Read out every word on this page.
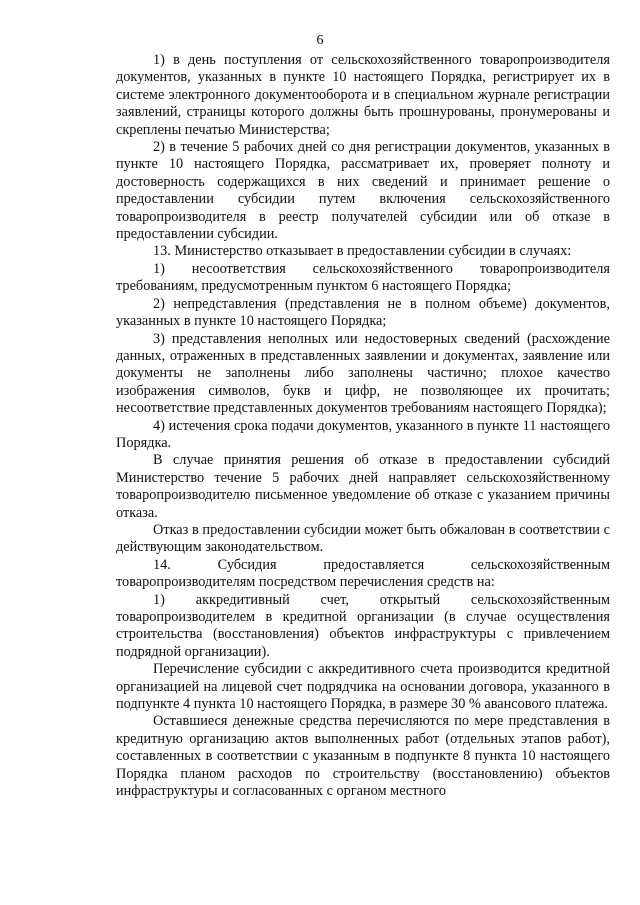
6

1) в день поступления от сельскохозяйственного товаропроизводителя документов, указанных в пункте 10 настоящего Порядка, регистрирует их в системе электронного документооборота и в специальном журнале регистрации заявлений, страницы которого должны быть прошнурованы, пронумерованы и скреплены печатью Министерства;

2) в течение 5 рабочих дней со дня регистрации документов, указанных в пункте 10 настоящего Порядка, рассматривает их, проверяет полноту и достоверность содержащихся в них сведений и принимает решение о предоставлении субсидии путем включения сельскохозяйственного товаропроизводителя в реестр получателей субсидии или об отказе в предоставлении субсидии.

13. Министерство отказывает в предоставлении субсидии в случаях:

1) несоответствия сельскохозяйственного товаропроизводителя требованиям, предусмотренным пунктом 6 настоящего Порядка;

2) непредставления (представления не в полном объеме) документов, указанных в пункте 10 настоящего Порядка;

3) представления неполных или недостоверных сведений (расхождение данных, отраженных в представленных заявлении и документах, заявление или документы не заполнены либо заполнены частично; плохое качество изображения символов, букв и цифр, не позволяющее их прочитать; несоответствие представленных документов требованиям настоящего Порядка);

4) истечения срока подачи документов, указанного в пункте 11 настоящего Порядка.

В случае принятия решения об отказе в предоставлении субсидий Министерство течение 5 рабочих дней направляет сельскохозяйственному товаропроизводителю письменное уведомление об отказе с указанием причины отказа.

Отказ в предоставлении субсидии может быть обжалован в соответствии с действующим законодательством.

14. Субсидия предоставляется сельскохозяйственным товаропроизводителям посредством перечисления средств на:

1) аккредитивный счет, открытый сельскохозяйственным товаропроизводителем в кредитной организации (в случае осуществления строительства (восстановления) объектов инфраструктуры с привлечением подрядной организации).

Перечисление субсидии с аккредитивного счета производится кредитной организацией на лицевой счет подрядчика на основании договора, указанного в подпункте 4 пункта 10 настоящего Порядка, в размере 30 % авансового платежа.

Оставшиеся денежные средства перечисляются по мере представления в кредитную организацию актов выполненных работ (отдельных этапов работ), составленных в соответствии с указанным в подпункте 8 пункта 10 настоящего Порядка планом расходов по строительству (восстановлению) объектов инфраструктуры и согласованных с органом местного
